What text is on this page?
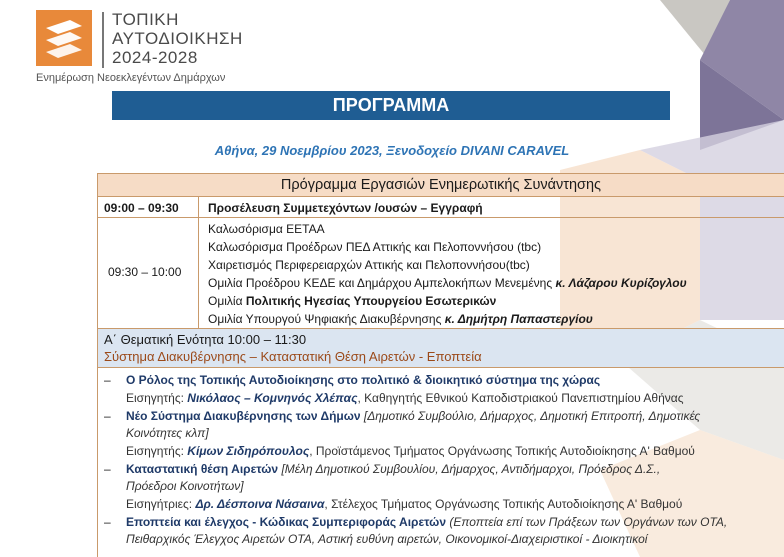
ΤΟΠΙΚΗ
ΑΥΤΟΔΙΟΙΚΗΣΗ
2024-2028
Ενημέρωση Νεοεκλεγέντων Δημάρχων
ΠΡΟΓΡΑΜΜΑ
Αθήνα, 29 Νοεμβρίου 2023, Ξενοδοχείο DIVANI CARAVEL
Πρόγραμμα Εργασιών Ενημερωτικής Συνάντησης
09:00 – 09:30 Προσέλευση Συμμετεχόντων /ουσών – Εγγραφή
09:30 – 10:00
Καλωσόρισμα ΕΕΤΑΑ
Καλωσόρισμα Προέδρων ΠΕΔ Αττικής και Πελοποννήσου (tbc)
Χαιρετισμός Περιφερειαρχών Αττικής και Πελοποννήσου(tbc)
Ομιλία Προέδρου ΚΕΔΕ και Δημάρχου Αμπελοκήπων Μενεμένης κ. Λάζαρου Κυρίζογλου
Ομιλία Πολιτικής Ηγεσίας Υπουργείου Εσωτερικών
Ομιλία Υπουργού Ψηφιακής Διακυβέρνησης κ. Δημήτρη Παπαστεργίου
Α΄ Θεματική Ενότητα 10:00 – 11:30
Σύστημα Διακυβέρνησης – Καταστατική Θέση Αιρετών - Εποπτεία
– Ο Ρόλος της Τοπικής Αυτοδιοίκησης στο πολιτικό & διοικητικό σύστημα της χώρας
Εισηγητής: Νικόλαος – Κομνηνός Χλέπας, Καθηγητής Εθνικού Καποδιστριακού Πανεπιστημίου Αθήνας
– Νέο Σύστημα Διακυβέρνησης των Δήμων [Δημοτικό Συμβούλιο, Δήμαρχος, Δημοτική Επιτροπή, Δημοτικές
Κοινότητες κλπ]
Εισηγητής: Κίμων Σιδηρόπουλος, Προϊστάμενος Τμήματος Οργάνωσης Τοπικής Αυτοδιοίκησης Α' Βαθμού
– Καταστατική θέση Αιρετών [Μέλη Δημοτικού Συμβουλίου, Δήμαρχος, Αντιδήμαρχοι, Πρόεδρος Δ.Σ.,
Πρόεδροι Κοινοτήτων]
Εισηγήτριες: Δρ. Δέσποινα Νάσαινα, Στέλεχος Τμήματος Οργάνωσης Τοπικής Αυτοδιοίκησης Α' Βαθμού
– Εποπτεία και έλεγχος - Κώδικας Συμπεριφοράς Αιρετών (Εποπτεία επί των Πράξεων των Οργάνων των ΟΤΑ,
Πειθαρχικός Έλεγχος Αιρετών ΟΤΑ, Αστική ευθύνη αιρετών, Οικονομικοί-Διαχειριστικοί - Διοικητικοί
